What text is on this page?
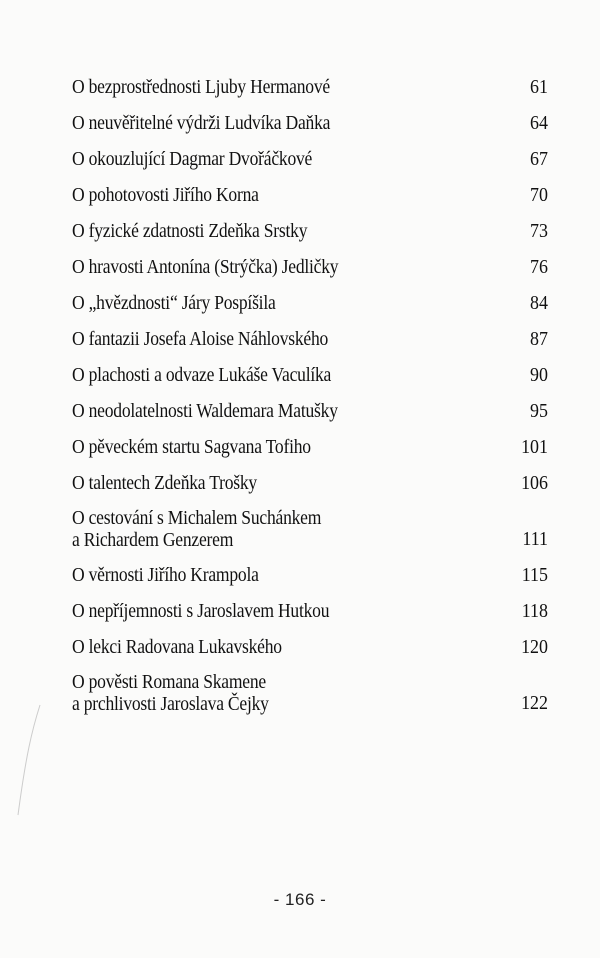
O bezprostřednosti Ljuby Hermanové	61
O neuvěřitelné výdrži Ludvíka Daňka	64
O okouzlující Dagmar Dvořáčkové	67
O pohotovosti Jiřího Korna	70
O fyzické zdatnosti Zdeňka Srstky	73
O hravosti Antonína (Strýčka) Jedličky	76
O „hvězdnosti“ Járy Pospíšila	84
O fantazii Josefa Aloise Náhlovského	87
O plachosti a odvaze Lukáše Vaculíka	90
O neodolatelnosti Waldemara Matušky	95
O pěveckém startu Sagvana Tofiho	101
O talentech Zdeňka Trošky	106
O cestování s Michalem Suchánkem
a Richardem Genzerem	111
O věrnosti Jiřího Krampola	115
O nepříjemnosti s Jaroslavem Hutkou	118
O lekci Radovana Lukavského	120
O pověsti Romana Skamene
a prchlivosti Jaroslava Čejky	122
- 166 -
